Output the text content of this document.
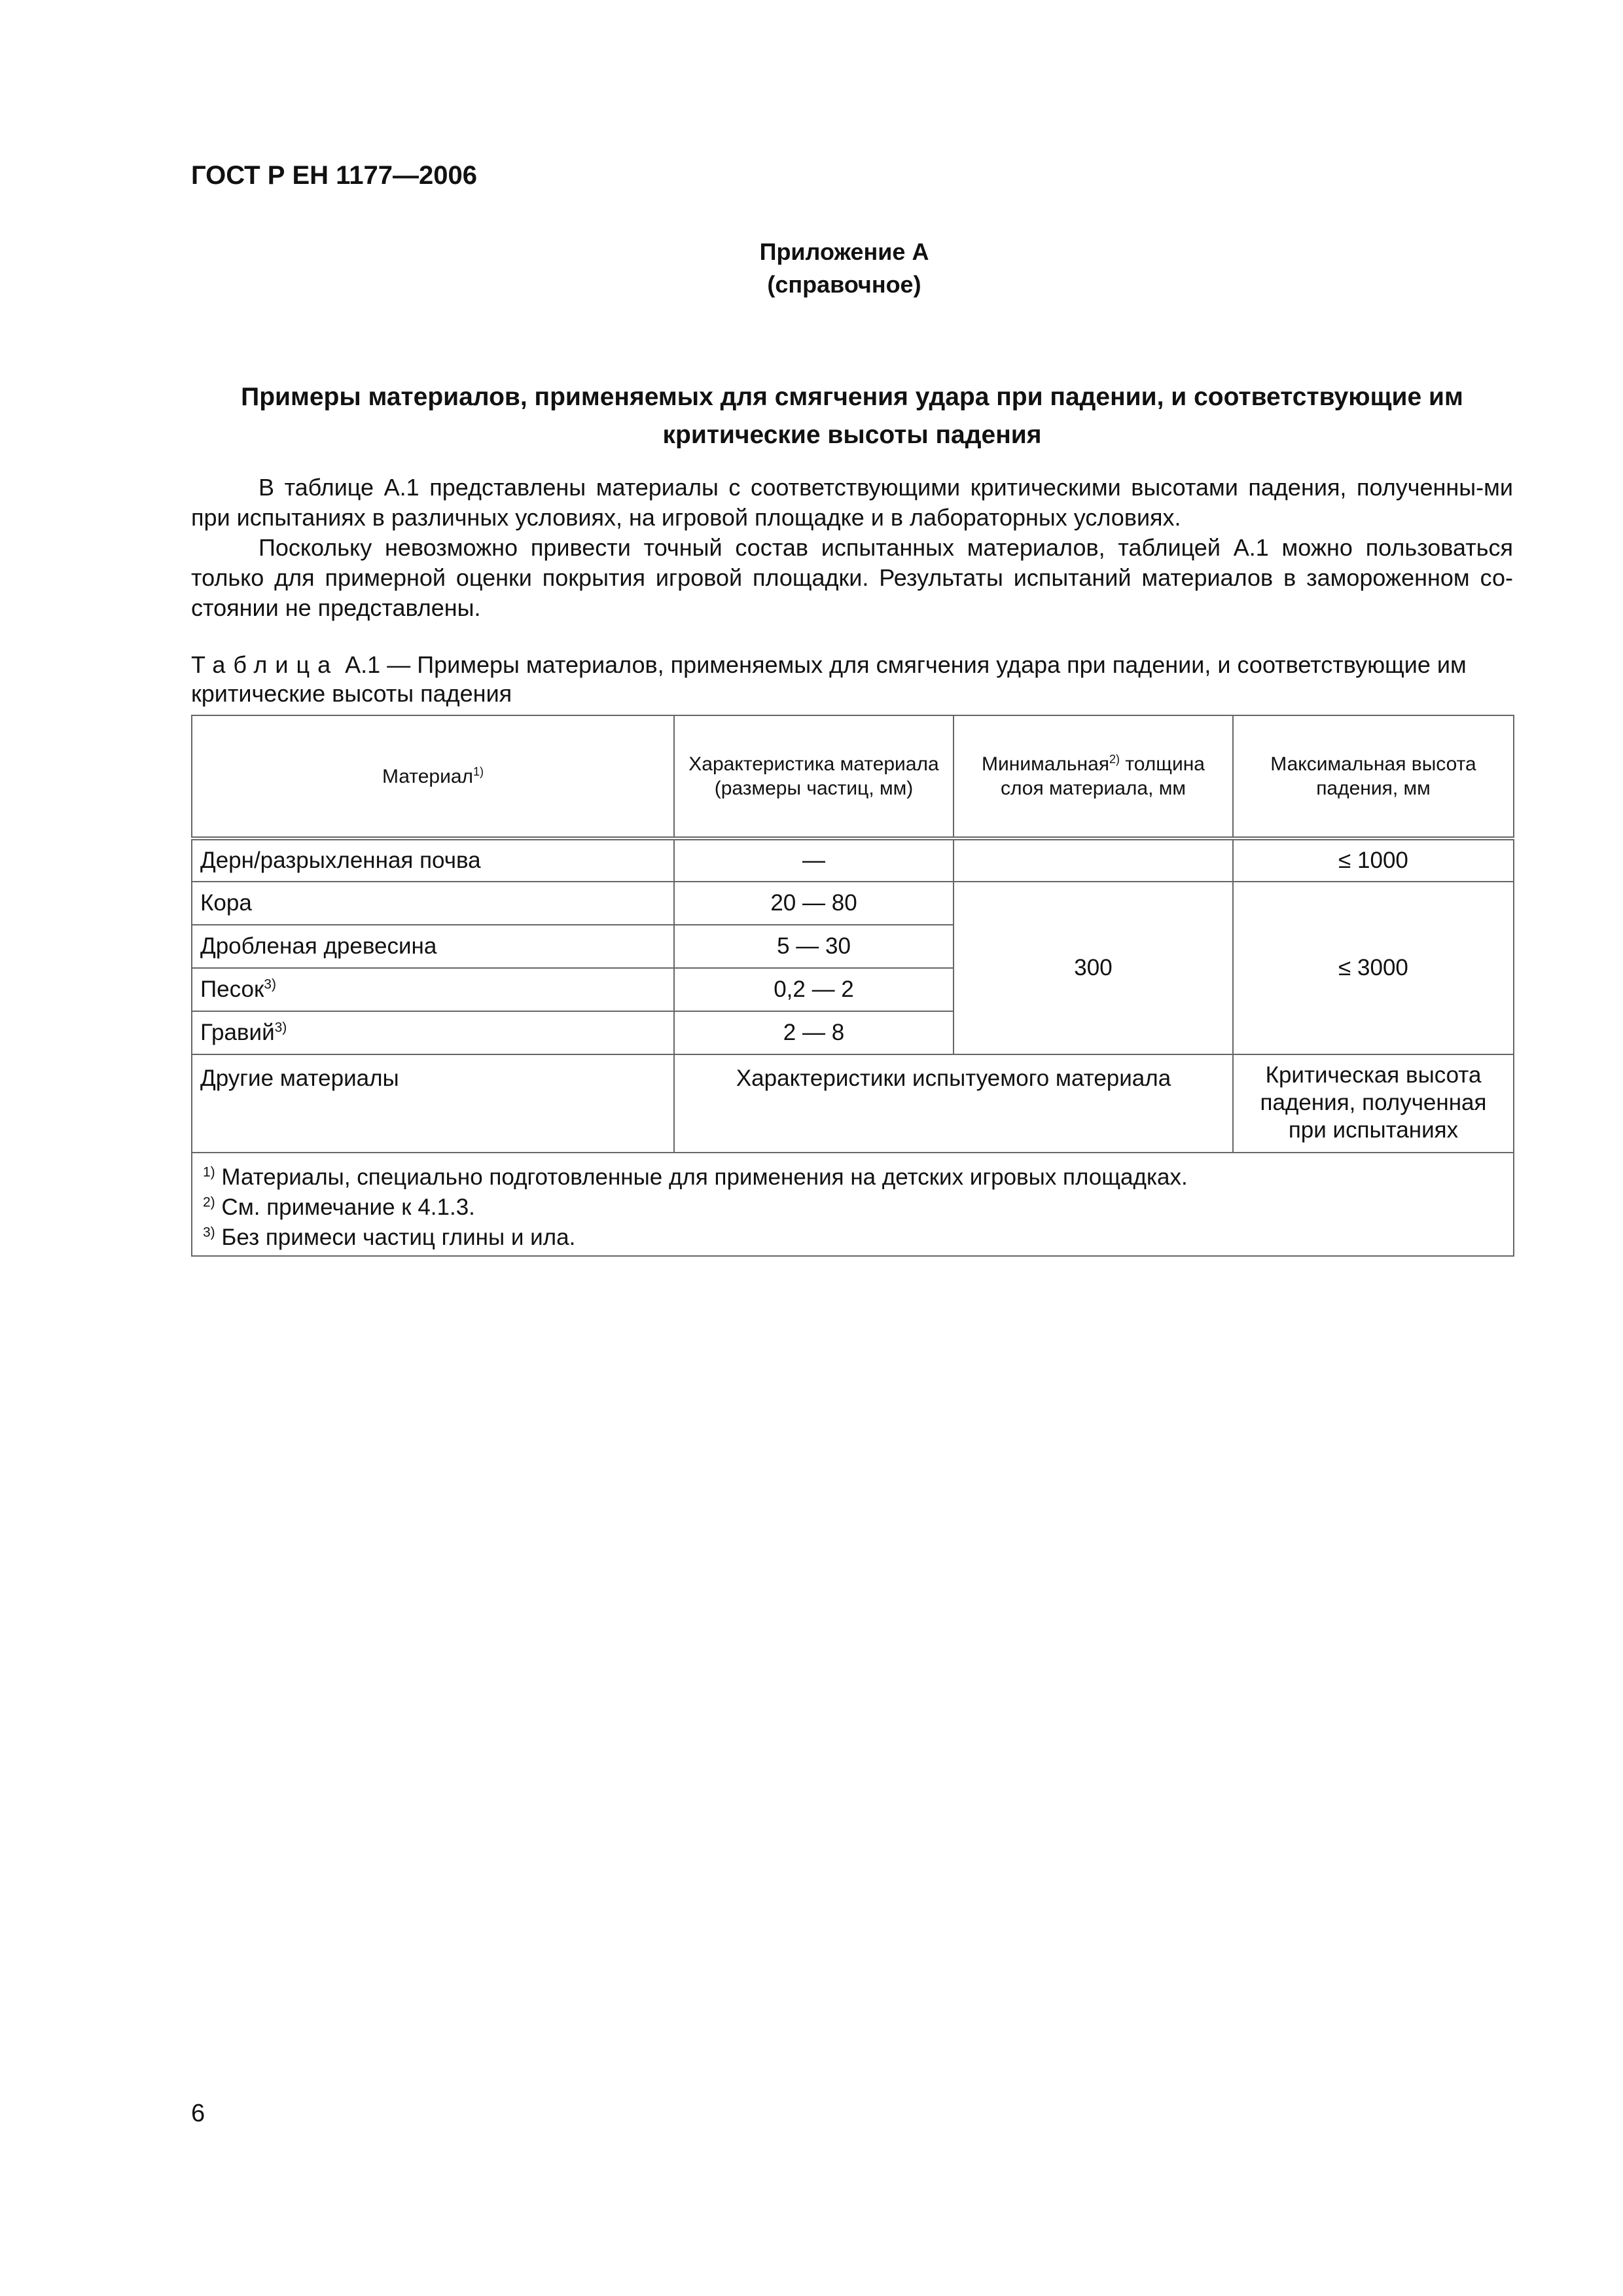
ГОСТ Р ЕН 1177—2006
Приложение А
(справочное)
Примеры материалов, применяемых для смягчения удара при падении, и соответствующие им критические высоты падения
В таблице А.1 представлены материалы с соответствующими критическими высотами падения, полученны-ми при испытаниях в различных условиях, на игровой площадке и в лабораторных условиях.
Поскольку невозможно привести точный состав испытанных материалов, таблицей А.1 можно пользоваться только для примерной оценки покрытия игровой площадки. Результаты испытаний материалов в замороженном со-стоянии не представлены.
Таблица А.1 — Примеры материалов, применяемых для смягчения удара при падении, и соответствующие им критические высоты падения
Материал$^{1)}$	Характеристика материала (размеры частиц, мм)	Минимальная$^{2)}$ толщина слоя материала, мм	Максимальная высота падения, мм
Дерн/разрыхленная почва	—		≤ 1000
Кора	20 — 80	300	≤ 3000
Дробленая древесина	5 — 30		
Песок$^{3)}$	0,2 — 2		
Гравий$^{3)}$	2 — 8		
Другие материалы	Характеристики испытуемого материала		Критическая высота падения, полученная при испытаниях

$^{1)}$ Материалы, специально подготовленные для применения на детских игровых площадках.
$^{2)}$ См. примечание к 4.1.3.
$^{3)}$ Без примеси частиц глины и ила.			
6
